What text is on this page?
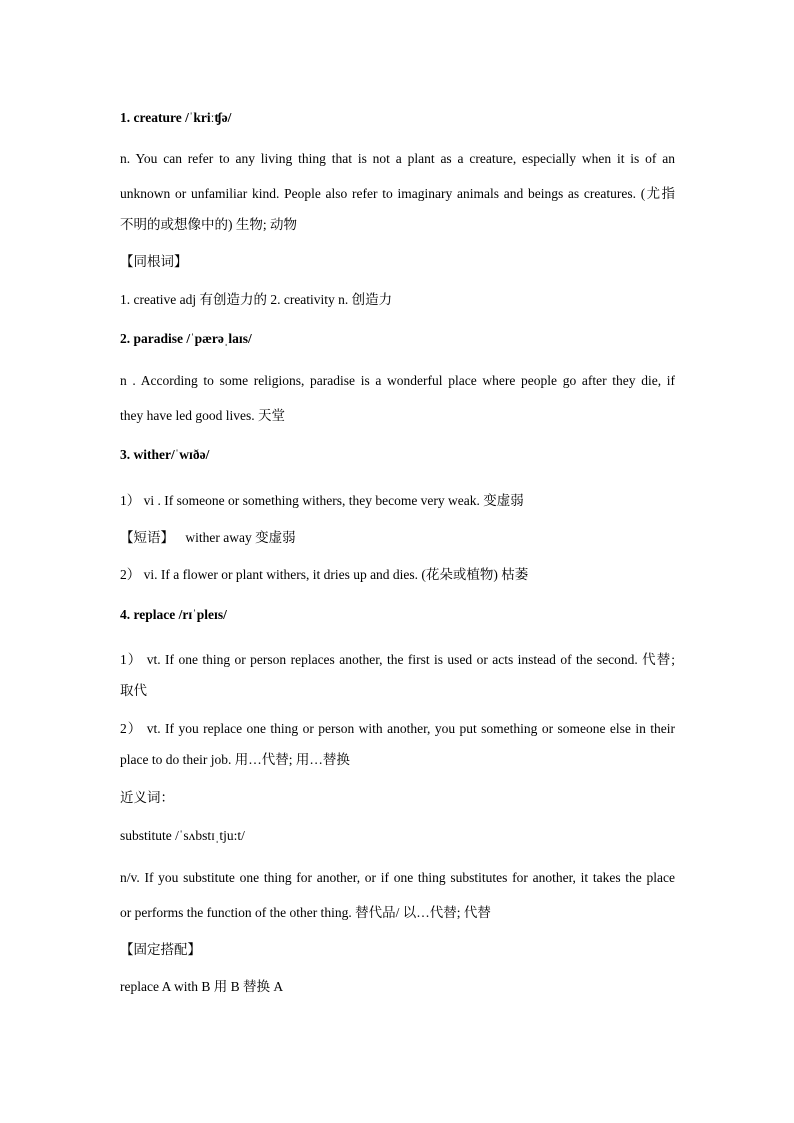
1. creature /ˈkriːʧə/
n. You can refer to any living thing that is not a plant as a creature, especially when it is of an
unknown or unfamiliar kind. People also refer to imaginary animals and beings as creatures. (尤指
不明的或想像中的) 生物; 动物
【同根词】
1. creative adj 有创造力的 2. creativity n. 创造力
2. paradise /ˈpærəˌlaɪs/
n . According to some religions, paradise is a wonderful place where people go after they die, if
they have led good lives. 天堂
3. wither/ˈwɪðə/
1） vi . If someone or something withers, they become very weak. 变虚弱
【短语】 wither away 变虚弱
2） vi. If a flower or plant withers, it dries up and dies. (花朵或植物) 枯萎
4. replace /rɪˈpleɪs/
1） vt. If one thing or person replaces another, the first is used or acts instead of the second. 代替;
取代
2） vt. If you replace one thing or person with another, you put something or someone else in their
place to do their job. 用…代替; 用…替换
近义词：
substitute /ˈsʌbstɪˌtju:t/
n/v. If you substitute one thing for another, or if one thing substitutes for another, it takes the place
or performs the function of the other thing. 替代品/ 以…代替; 代替
【固定搭配】
replace A with B 用 B 替换 A
